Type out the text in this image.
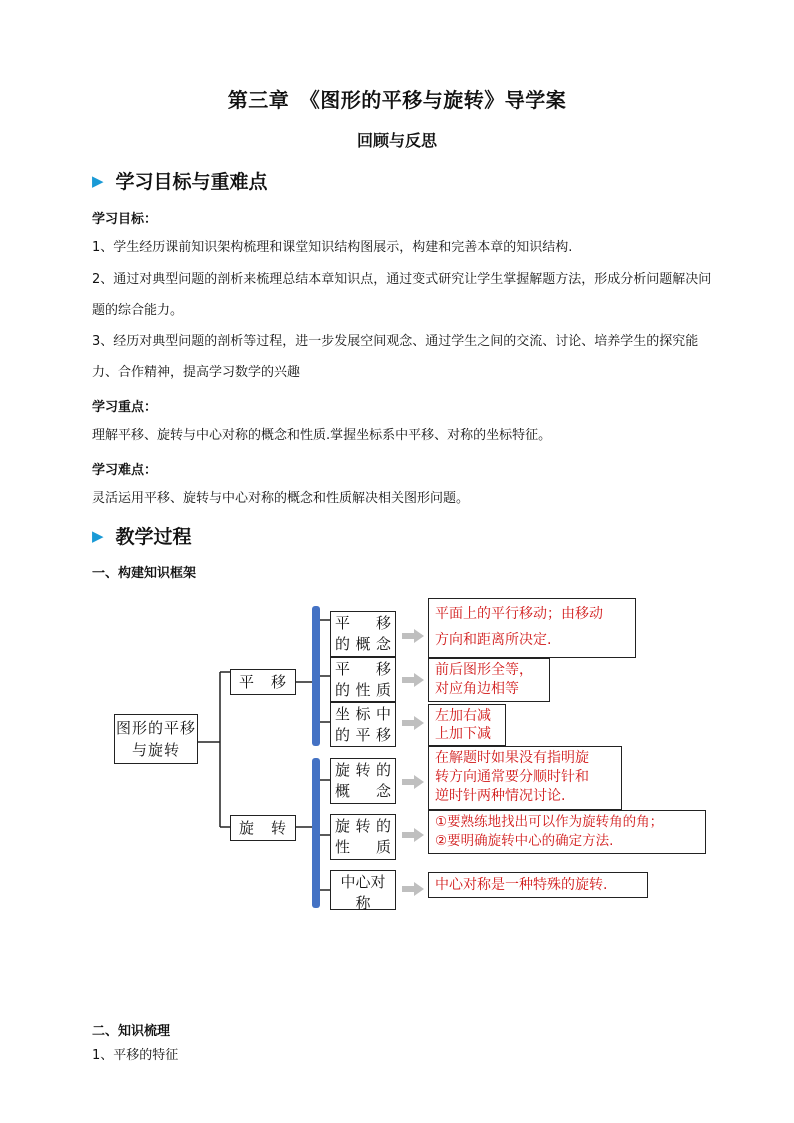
第三章　《图形的平移与旋转》导学案
回顾与反思
▶ 学习目标与重难点
学习目标：
1、学生经历课前知识架构梳理和课堂知识结构图展示，构建和完善本章的知识结构.
2、通过对典型问题的剖析来梳理总结本章知识点，通过变式研究让学生掌握解题方法，形成分析问题解决问题的综合能力。
3、经历对典型问题的剖析等过程，进一步发展空间观念、通过学生之间的交流、讨论、培养学生的探究能力、合作精神，提高学习数学的兴趣
学习重点：
理解平移、旋转与中心对称的概念和性质.掌握坐标系中平移、对称的坐标特征。
学习难点：
灵活运用平移、旋转与中心对称的概念和性质解决相关图形问题。
▶ 教学过程
一、构建知识框架
图形的平移与旋转
平　移
旋　转
平　移的概念
平　移的性质
坐标中的平移
旋转的概　念
旋转的性　质
中心对称
平面上的平行移动；由移动
方向和距离所决定.
前后图形全等，
对应角边相等
左加右减
上加下减
在解题时如果没有指明旋
转方向通常要分顺时针和
逆时针两种情况讨论.
①要熟练地找出可以作为旋转角的角；
②要明确旋转中心的确定方法.
中心对称是一种特殊的旋转.
二、知识梳理
1、平移的特征
